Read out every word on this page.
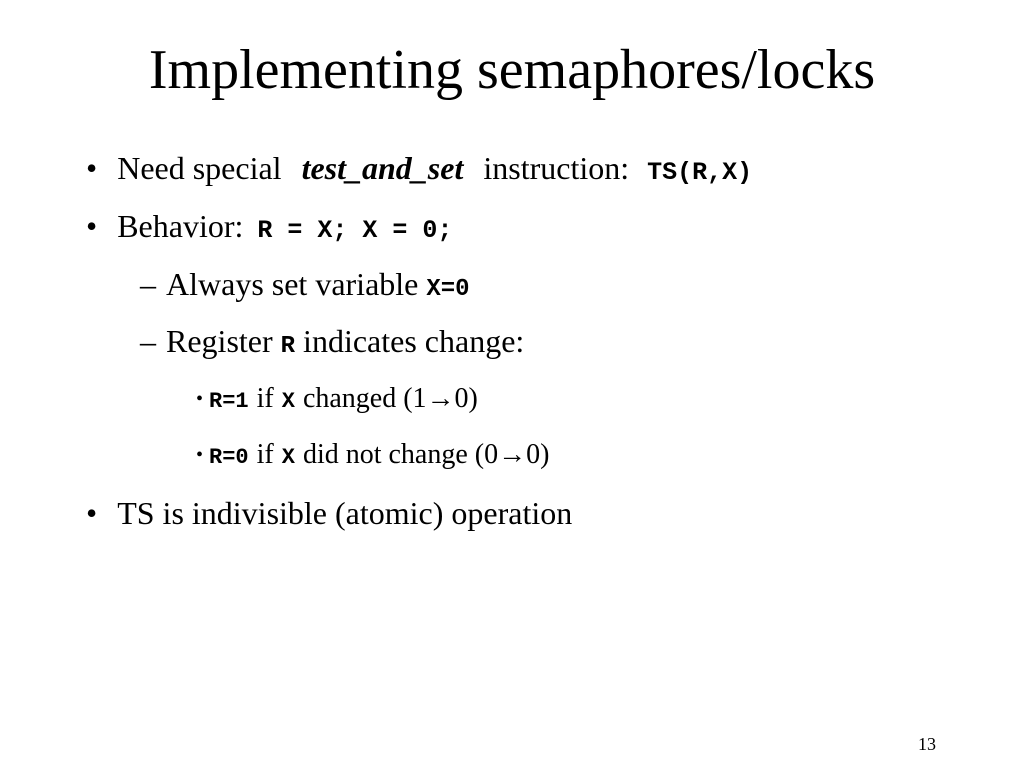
Implementing semaphores/locks
• Need special test_and_set instruction: TS(R,X)
• Behavior: R = X; X = 0;
– Always set variable X=0
– Register R indicates change:
• R=1 if X changed (1→0)
• R=0 if X did not change (0→0)
• TS is indivisible (atomic) operation
13
